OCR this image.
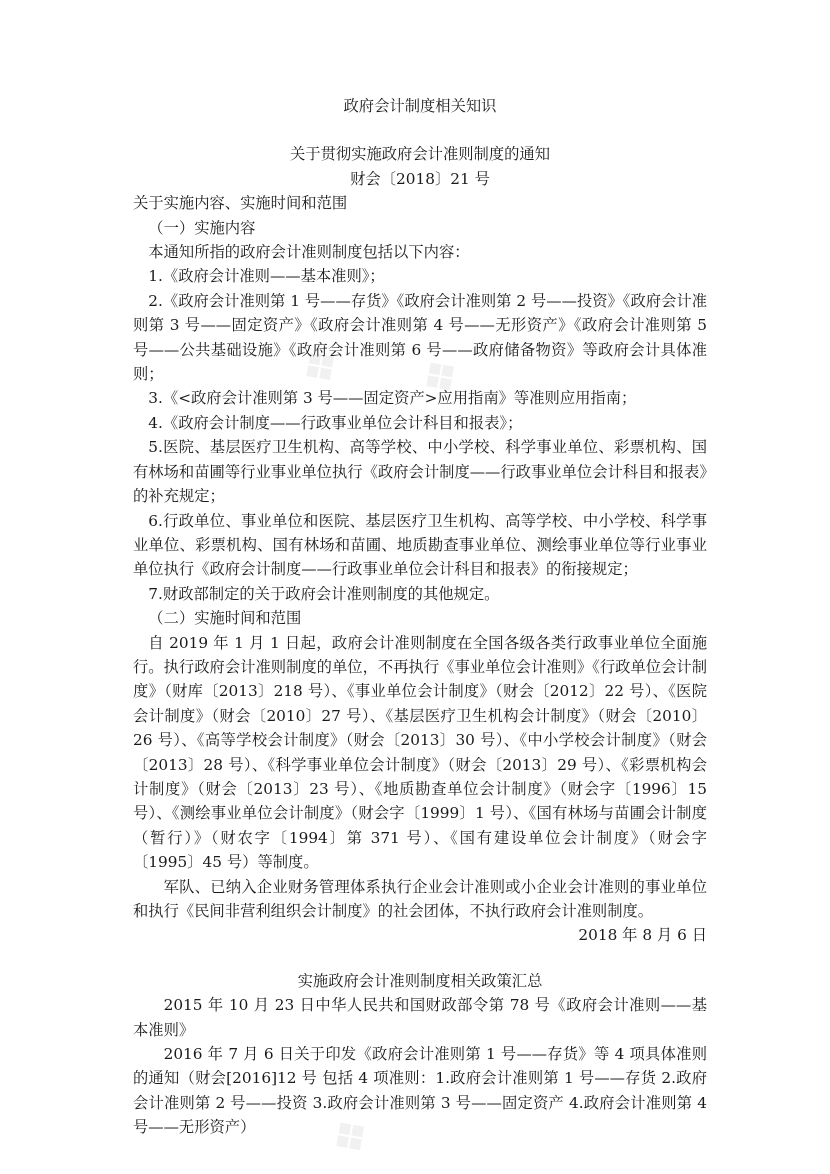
❖ ❖
❖

政府会计制度相关知识

关于贯彻实施政府会计准则制度的通知

财会〔2018〕21 号

关于实施内容、实施时间和范围

（一）实施内容

本通知所指的政府会计准则制度包括以下内容：

1.《政府会计准则——基本准则》；

2.《政府会计准则第 1 号——存货》《政府会计准则第 2 号——投资》《政府会计准则第 3 号——固定资产》《政府会计准则第 4 号——无形资产》《政府会计准则第 5 号——公共基础设施》《政府会计准则第 6 号——政府储备物资》等政府会计具体准则；

3.《<政府会计准则第 3 号——固定资产>应用指南》等准则应用指南；

4.《政府会计制度——行政事业单位会计科目和报表》；

5.医院、基层医疗卫生机构、高等学校、中小学校、科学事业单位、彩票机构、国有林场和苗圃等行业事业单位执行《政府会计制度——行政事业单位会计科目和报表》的补充规定；

6.行政单位、事业单位和医院、基层医疗卫生机构、高等学校、中小学校、科学事业单位、彩票机构、国有林场和苗圃、地质勘查事业单位、测绘事业单位等行业事业单位执行《政府会计制度——行政事业单位会计科目和报表》的衔接规定；

7.财政部制定的关于政府会计准则制度的其他规定。

（二）实施时间和范围

自 2019 年 1 月 1 日起，政府会计准则制度在全国各级各类行政事业单位全面施行。执行政府会计准则制度的单位，不再执行《事业单位会计准则》《行政单位会计制度》（财库〔2013〕218 号）、《事业单位会计制度》（财会〔2012〕22 号）、《医院会计制度》（财会〔2010〕27 号）、《基层医疗卫生机构会计制度》（财会〔2010〕26 号）、《高等学校会计制度》（财会〔2013〕30 号）、《中小学校会计制度》（财会〔2013〕28 号）、《科学事业单位会计制度》（财会〔2013〕29 号）、《彩票机构会计制度》（财会〔2013〕23 号）、《地质勘查单位会计制度》（财会字〔1996〕15 号）、《测绘事业单位会计制度》（财会字〔1999〕1 号）、《国有林场与苗圃会计制度（暂行）》（财农字〔1994〕第 371 号）、《国有建设单位会计制度》（财会字〔1995〕45 号）等制度。

军队、已纳入企业财务管理体系执行企业会计准则或小企业会计准则的事业单位和执行《民间非营利组织会计制度》的社会团体，不执行政府会计准则制度。

2018 年 8 月 6 日

实施政府会计准则制度相关政策汇总

2015 年 10 月 23 日中华人民共和国财政部令第 78 号《政府会计准则——基本准则》

2016 年 7 月 6 日关于印发《政府会计准则第 1 号——存货》等 4 项具体准则的通知（财会[2016]12 号 包括 4 项准则：1.政府会计准则第 1 号——存货 2.政府会计准则第 2 号——投资 3.政府会计准则第 3 号——固定资产 4.政府会计准则第 4 号——无形资产）
